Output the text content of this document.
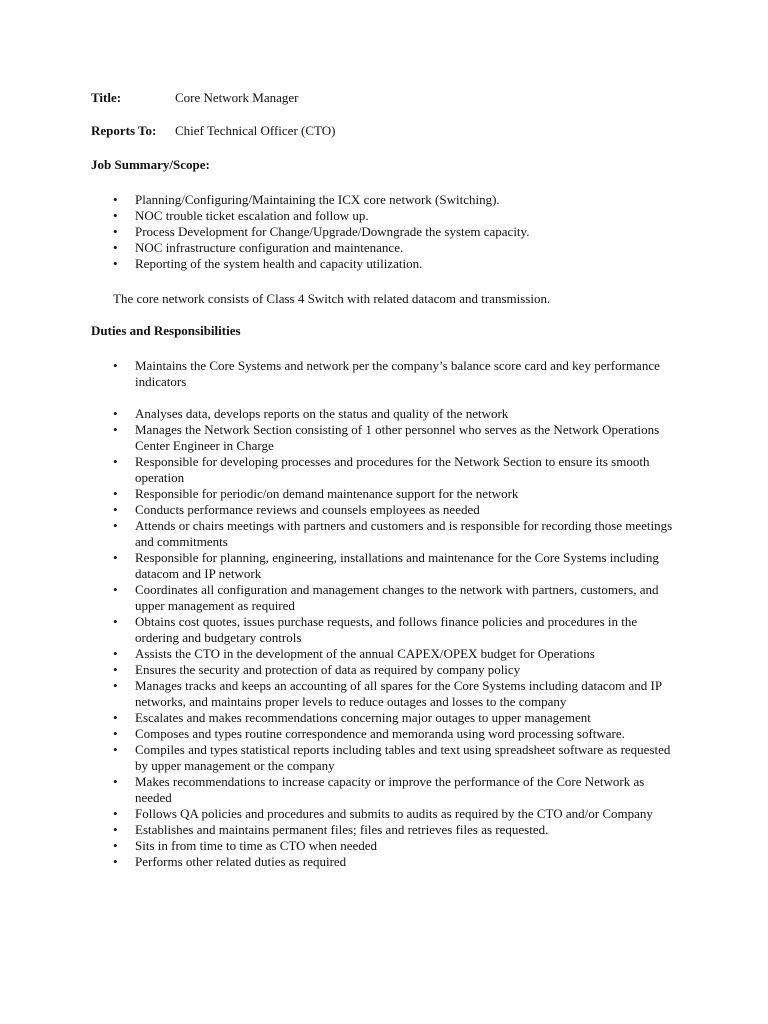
Title:	Core Network Manager
Reports To: Chief Technical Officer (CTO)
Job Summary/Scope:
• Planning/Configuring/Maintaining the ICX core network (Switching).
• NOC trouble ticket escalation and follow up.
• Process Development for Change/Upgrade/Downgrade the system capacity.
• NOC infrastructure configuration and maintenance.
• Reporting of the system health and capacity utilization.
The core network consists of Class 4 Switch with related datacom and transmission.
Duties and Responsibilities
• Maintains the Core Systems and network per the company’s balance score card and key performance indicators
• Analyses data, develops reports on the status and quality of the network
• Manages the Network Section consisting of 1 other personnel who serves as the Network Operations Center Engineer in Charge
• Responsible for developing processes and procedures for the Network Section to ensure its smooth operation
• Responsible for periodic/on demand maintenance support for the network
• Conducts performance reviews and counsels employees as needed
• Attends or chairs meetings with partners and customers and is responsible for recording those meetings and commitments
• Responsible for planning, engineering, installations and maintenance for the Core Systems including datacom and IP network
• Coordinates all configuration and management changes to the network with partners, customers, and upper management as required
• Obtains cost quotes, issues purchase requests, and follows finance policies and procedures in the ordering and budgetary controls
• Assists the CTO in the development of the annual CAPEX/OPEX budget for Operations
• Ensures the security and protection of data as required by company policy
• Manages tracks and keeps an accounting of all spares for the Core Systems including datacom and IP networks, and maintains proper levels to reduce outages and losses to the company
• Escalates and makes recommendations concerning major outages to upper management
• Composes and types routine correspondence and memoranda using word processing software.
• Compiles and types statistical reports including tables and text using spreadsheet software as requested by upper management or the company
• Makes recommendations to increase capacity or improve the performance of the Core Network as needed
• Follows QA policies and procedures and submits to audits as required by the CTO and/or Company
• Establishes and maintains permanent files; files and retrieves files as requested.
• Sits in from time to time as CTO when needed
• Performs other related duties as required
